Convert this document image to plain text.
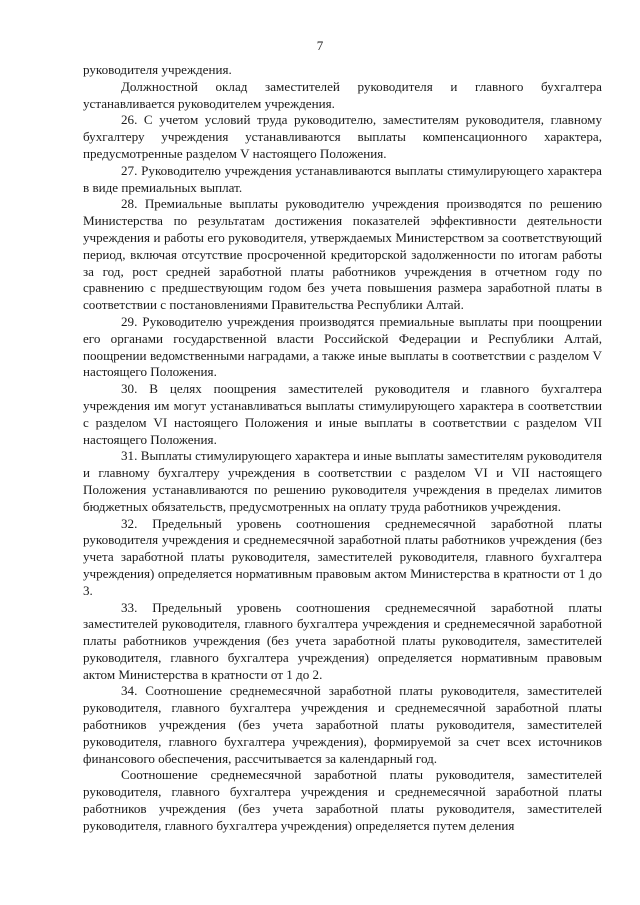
7

руководителя учреждения.

Должностной оклад заместителей руководителя и главного бухгалтера устанавливается руководителем учреждения.

26. С учетом условий труда руководителю, заместителям руководителя, главному бухгалтеру учреждения устанавливаются выплаты компенсационного характера, предусмотренные разделом V настоящего Положения.

27. Руководителю учреждения устанавливаются выплаты стимулирующего характера в виде премиальных выплат.

28. Премиальные выплаты руководителю учреждения производятся по решению Министерства по результатам достижения показателей эффективности деятельности учреждения и работы его руководителя, утверждаемых Министерством за соответствующий период, включая отсутствие просроченной кредиторской задолженности по итогам работы за год, рост средней заработной платы работников учреждения в отчетном году по сравнению с предшествующим годом без учета повышения размера заработной платы в соответствии с постановлениями Правительства Республики Алтай.

29. Руководителю учреждения производятся премиальные выплаты при поощрении его органами государственной власти Российской Федерации и Республики Алтай, поощрении ведомственными наградами, а также иные выплаты в соответствии с разделом V настоящего Положения.

30. В целях поощрения заместителей руководителя и главного бухгалтера учреждения им могут устанавливаться выплаты стимулирующего характера в соответствии с разделом VI настоящего Положения и иные выплаты в соответствии с разделом VII настоящего Положения.

31. Выплаты стимулирующего характера и иные выплаты заместителям руководителя и главному бухгалтеру учреждения в соответствии с разделом VI и VII настоящего Положения устанавливаются по решению руководителя учреждения в пределах лимитов бюджетных обязательств, предусмотренных на оплату труда работников учреждения.

32. Предельный уровень соотношения среднемесячной заработной платы руководителя учреждения и среднемесячной заработной платы работников учреждения (без учета заработной платы руководителя, заместителей руководителя, главного бухгалтера учреждения) определяется нормативным правовым актом Министерства в кратности от 1 до 3.

33. Предельный уровень соотношения среднемесячной заработной платы заместителей руководителя, главного бухгалтера учреждения и среднемесячной заработной платы работников учреждения (без учета заработной платы руководителя, заместителей руководителя, главного бухгалтера учреждения) определяется нормативным правовым актом Министерства в кратности от 1 до 2.

34. Соотношение среднемесячной заработной платы руководителя, заместителей руководителя, главного бухгалтера учреждения и среднемесячной заработной платы работников учреждения (без учета заработной платы руководителя, заместителей руководителя, главного бухгалтера учреждения), формируемой за счет всех источников финансового обеспечения, рассчитывается за календарный год.

Соотношение среднемесячной заработной платы руководителя, заместителей руководителя, главного бухгалтера учреждения и среднемесячной заработной платы работников учреждения (без учета заработной платы руководителя, заместителей руководителя, главного бухгалтера учреждения) определяется путем деления
